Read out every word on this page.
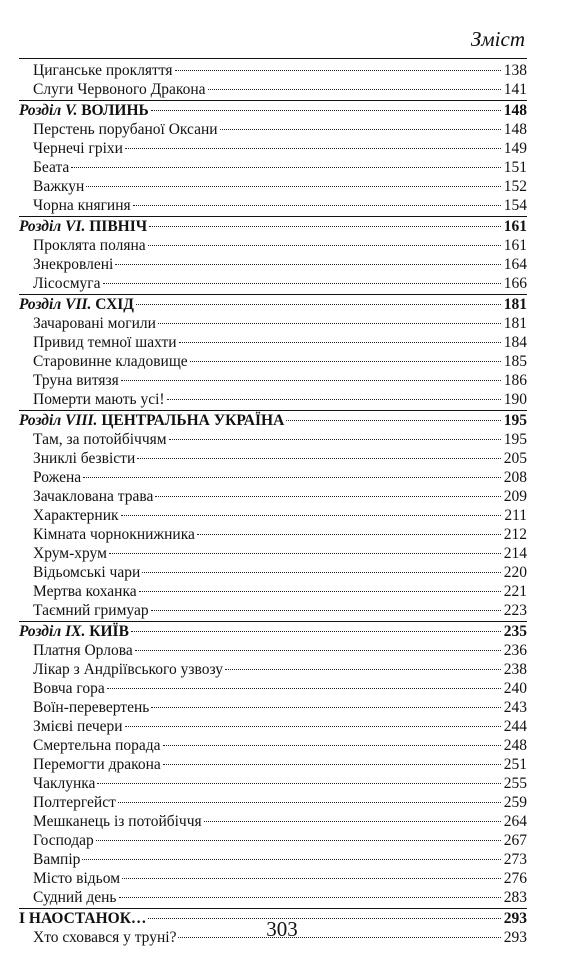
Зміст
Циганське прокляття	138
Слуги Червоного Дракона	141
Розділ V. ВОЛИНЬ	148
Перстень порубаної Оксани	148
Чернечі гріхи	149
Беата	151
Важкун	152
Чорна княгиня	154
Розділ VI. ПІВНІЧ	161
Проклята поляна	161
Знекровлені	164
Лісосмуга	166
Розділ VII. СХІД	181
Зачаровані могили	181
Привид темної шахти	184
Старовинне кладовище	185
Труна витязя	186
Померти мають усі!	190
Розділ VIII. ЦЕНТРАЛЬНА УКРАЇНА	195
Там, за потойбіччям	195
Зниклі безвісти	205
Рожена	208
Зачаклована трава	209
Характерник	211
Кімната чорнокнижника	212
Хрум-хрум	214
Відьомські чари	220
Мертва коханка	221
Таємний гримуар	223
Розділ IX. КИЇВ	235
Платня Орлова	236
Лікар з Андріївського узвозу	238
Вовча гора	240
Воїн-перевертень	243
Змієві печери	244
Смертельна порада	248
Перемогти дракона	251
Чаклунка	255
Полтергейст	259
Мешканець із потойбіччя	264
Господар	267
Вампір	273
Місто відьом	276
Судний день	283
І НАОСТАНОК…	293
Хто сховався у труні?	293
303
